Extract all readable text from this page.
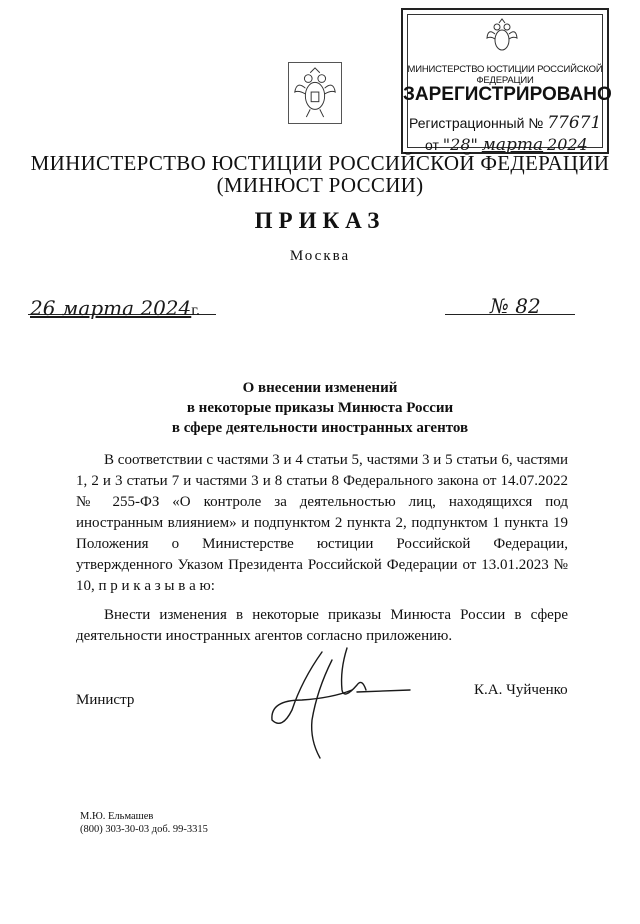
МИНИСТЕРСТВО ЮСТИЦИИ РОССИЙСКОЙ ФЕДЕРАЦИИ
ЗАРЕГИСТРИРОВАНО
Регистрационный № 77671
от "28" марта 2024
МИНИСТЕРСТВО ЮСТИЦИИ РОССИЙСКОЙ ФЕДЕРАЦИИ
(МИНЮСТ РОССИИ)
ПРИКАЗ
Москва
26 марта 2024г.	№ 82
О внесении изменений
в некоторые приказы Минюста России
в сфере деятельности иностранных агентов

В соответствии с частями 3 и 4 статьи 5, частями 3 и 5 статьи 6, частями 1, 2 и 3 статьи 7 и частями 3 и 8 статьи 8 Федерального закона от 14.07.2022 № 255-ФЗ «О контроле за деятельностью лиц, находящихся под иностранным влиянием» и подпунктом 2 пункта 2, подпунктом 1 пункта 19 Положения о Министерстве юстиции Российской Федерации, утвержденного Указом Президента Российской Федерации от 13.01.2023 № 10, п р и к а з ы в а ю:

Внести изменения в некоторые приказы Минюста России в сфере деятельности иностранных агентов согласно приложению.

Министр
К.А. Чуйченко
М.Ю. Ельмашев
(800) 303-30-03 доб. 99-3315
